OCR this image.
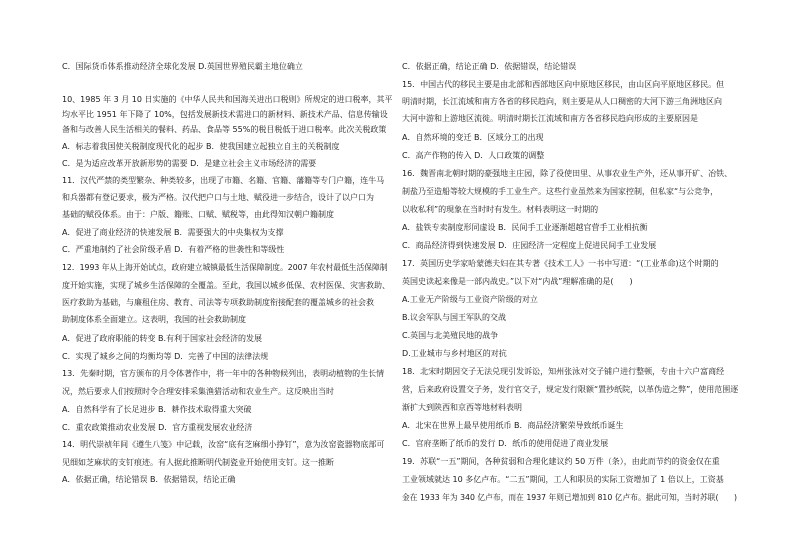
C．国际货币体系推动经济全球化发展 D.英国世界殖民霸主地位确立
10、1985 年 3 月 10 日实施的《中华人民共和国海关进出口税则》所规定的进口税率，其平
均水平比 1951 年下降了 10%，包括发展新技术需进口的新材料、新技术产品、信息传输设
备和与改善人民生活相关的餐料、药品、食品等 55%的税目税低于进口税率。此次关税政策
A．标志着我国使关税制度现代化的起步 B．使我国建立起独立自主的关税制度
C．是为适应改革开放新形势的需要 D．是建立社会主义市场经济的需要
11．汉代严禁的类型繁杂、种类较多，出现了市籍、名籍、官籍、藩籍等专门户籍，连牛马
和兵器都有登记要求，极为严格。汉代把户口与土地、赋役进一步结合，设计了以户口为
基础的赋役体系。由于：户版、籍账、口赋、赋税等，由此得知汉朝户籍制度
A．促进了商业经济的快速发展 B．需要强大的中央集权为支撑
C．严重地制约了社会阶级矛盾 D．有着严格的世袭性和等级性
12．1993 年从上海开始试点，政府建立城镇最低生活保障制度。2007 年农村最低生活保障制
度开始实施，实现了城乡生活保障的全覆盖。至此，我国以城乡低保、农村医保、灾害救助、
医疗救助为基础，与廉租住房、教育、司法等专项救助制度衔接配套的覆盖城乡的社会救
助制度体系全面建立。这表明，我国的社会救助制度
A．促进了政府职能的转变 B.有利于国家社会经济的发展
C．实现了城乡之间的均衡均等 D．完善了中国的法律法规
13．先秦时期，官方颁布的月令体著作中，将一年中的各种物候列出，表明动植物的生长情
况，然后要求人们按照时令合理安排采集渔猎活动和农业生产。这反映出当时
A．自然科学有了长足进步 B．耕作技术取得重大突破
C．重农政策推动农业发展 D．官方重视发展农业经济
14．明代崇祯年间《遵生八笺》中记载，汝窑“底有芝麻细小挣钉”，意为汝窑瓷器物底部可
见细如芝麻状的支钉痕迹。有人据此推断明代制瓷业开始使用支钉。这一推断
A．依据正确，结论错误 B．依据错误，结论正确
C．依据正确，结论正确 D．依据错误，结论错误
15．中国古代的移民主要是由北部和西部地区向中原地区移民，由山区向平原地区移民。但
明清时期，长江流域和南方各省的移民趋向，则主要是从人口稠密的大河下游三角洲地区向
大河中游和上游地区流徙。明清时期长江流域和南方各省移民趋向形成的主要原因是
A．自然环境的变迁 B．区域分工的出现
C．高产作物的传入 D．人口政策的调整
16．魏晋南北朝时期的豪强地主庄园，除了役使田里、从事农业生产外，还从事开矿、冶铁、
制盐乃至造船等较大规模的手工业生产。这些行业虽然来为国家控制，但私家“与公竞争，
以收私利”的現象在当时时有发生。材料表明这一时期的
A．盐铁专卖制度形同虚设 B．民间手工业逐渐超越官营手工业相抗衡
C．商品经济得到快速发展 D．庄园经济一定程度上促进民间手工业发展
17．英国历史学家哈蒙德夫妇在其专著《技术工人》一书中写道：“(工业革命)这个时期的
英国史读起来像是一部内战史。”以下对“内战”理解准确的是(　　)
A.工业无产阶级与工业资产阶级的对立
B.议会军队与国王军队的交战
C.英国与北美殖民地的战争
D.工业城市与乡村地区的对抗
18．北宋时期因交子无法兑现引发诉讼，知州张泳对交子铺户进行整顿，专由十六户富商经
营，后来政府设置交子务，发行官交子，规定发行限额“置抄纸院，以革伪造之弊”，使用范围逐
渐扩大到陕西和京西等地材料表明
A．北宋在世界上最早使用纸币 B．商品经济繁荣导致纸币诞生
C．官府垄断了纸币的发行 D．纸币的使用促进了商业发展
19．苏联“一五”期间，各种贫弱和合理化建议约 50 万件（条），由此而节约的资金仅在重
工业领域就达 10 多亿卢布。“二五”期间，工人和职员的实际工资增加了 1 倍以上，工资基
金在 1933 年为 340 亿卢布，而在 1937 年则已增加到 810 亿卢布。据此可知，当时苏联(　　)
